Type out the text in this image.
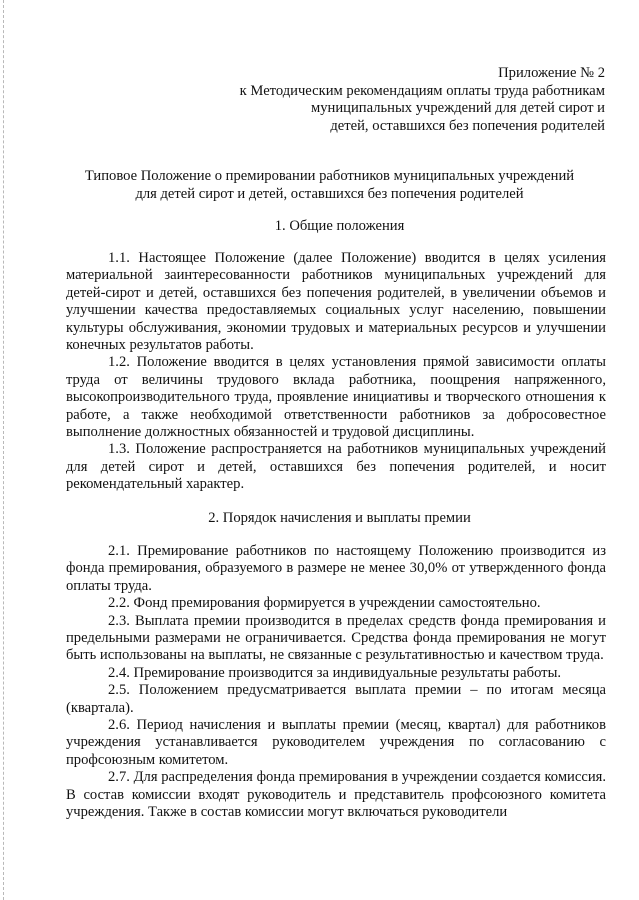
Приложение № 2
к Методическим рекомендациям оплаты труда работникам
муниципальных учреждений для детей сирот и
детей, оставшихся без попечения родителей
Типовое Положение о премировании работников муниципальных учреждений
для детей сирот и детей, оставшихся без попечения родителей
1. Общие положения

1.1. Настоящее Положение (далее Положение) вводится в целях усиления материальной заинтересованности работников муниципальных учреждений для детей-сирот и детей, оставшихся без попечения родителей, в увеличении объемов и улучшении качества предоставляемых социальных услуг населению, повышении культуры обслуживания, экономии трудовых и материальных ресурсов и улучшении конечных результатов работы.

1.2. Положение вводится в целях установления прямой зависимости оплаты труда от величины трудового вклада работника, поощрения напряженного, высокопроизводительного труда, проявление инициативы и творческого отношения к работе, а также необходимой ответственности работников за добросовестное выполнение должностных обязанностей и трудовой дисциплины.

1.3. Положение распространяется на работников муниципальных учреждений для детей сирот и детей, оставшихся без попечения родителей, и носит рекомендательный характер.

2. Порядок начисления и выплаты премии

2.1. Премирование работников по настоящему Положению производится из фонда премирования, образуемого в размере не менее 30,0% от утвержденного фонда оплаты труда.

2.2. Фонд премирования формируется в учреждении самостоятельно.

2.3. Выплата премии производится в пределах средств фонда премирования и предельными размерами не ограничивается. Средства фонда премирования не могут быть использованы на выплаты, не связанные с результативностью и качеством труда.

2.4. Премирование производится за индивидуальные результаты работы.

2.5. Положением предусматривается выплата премии – по итогам месяца (квартала).

2.6. Период начисления и выплаты премии (месяц, квартал) для работников учреждения устанавливается руководителем учреждения по согласованию с профсоюзным комитетом.

2.7. Для распределения фонда премирования в учреждении создается комиссия. В состав комиссии входят руководитель и представитель профсоюзного комитета учреждения. Также в состав комиссии могут включаться руководители
